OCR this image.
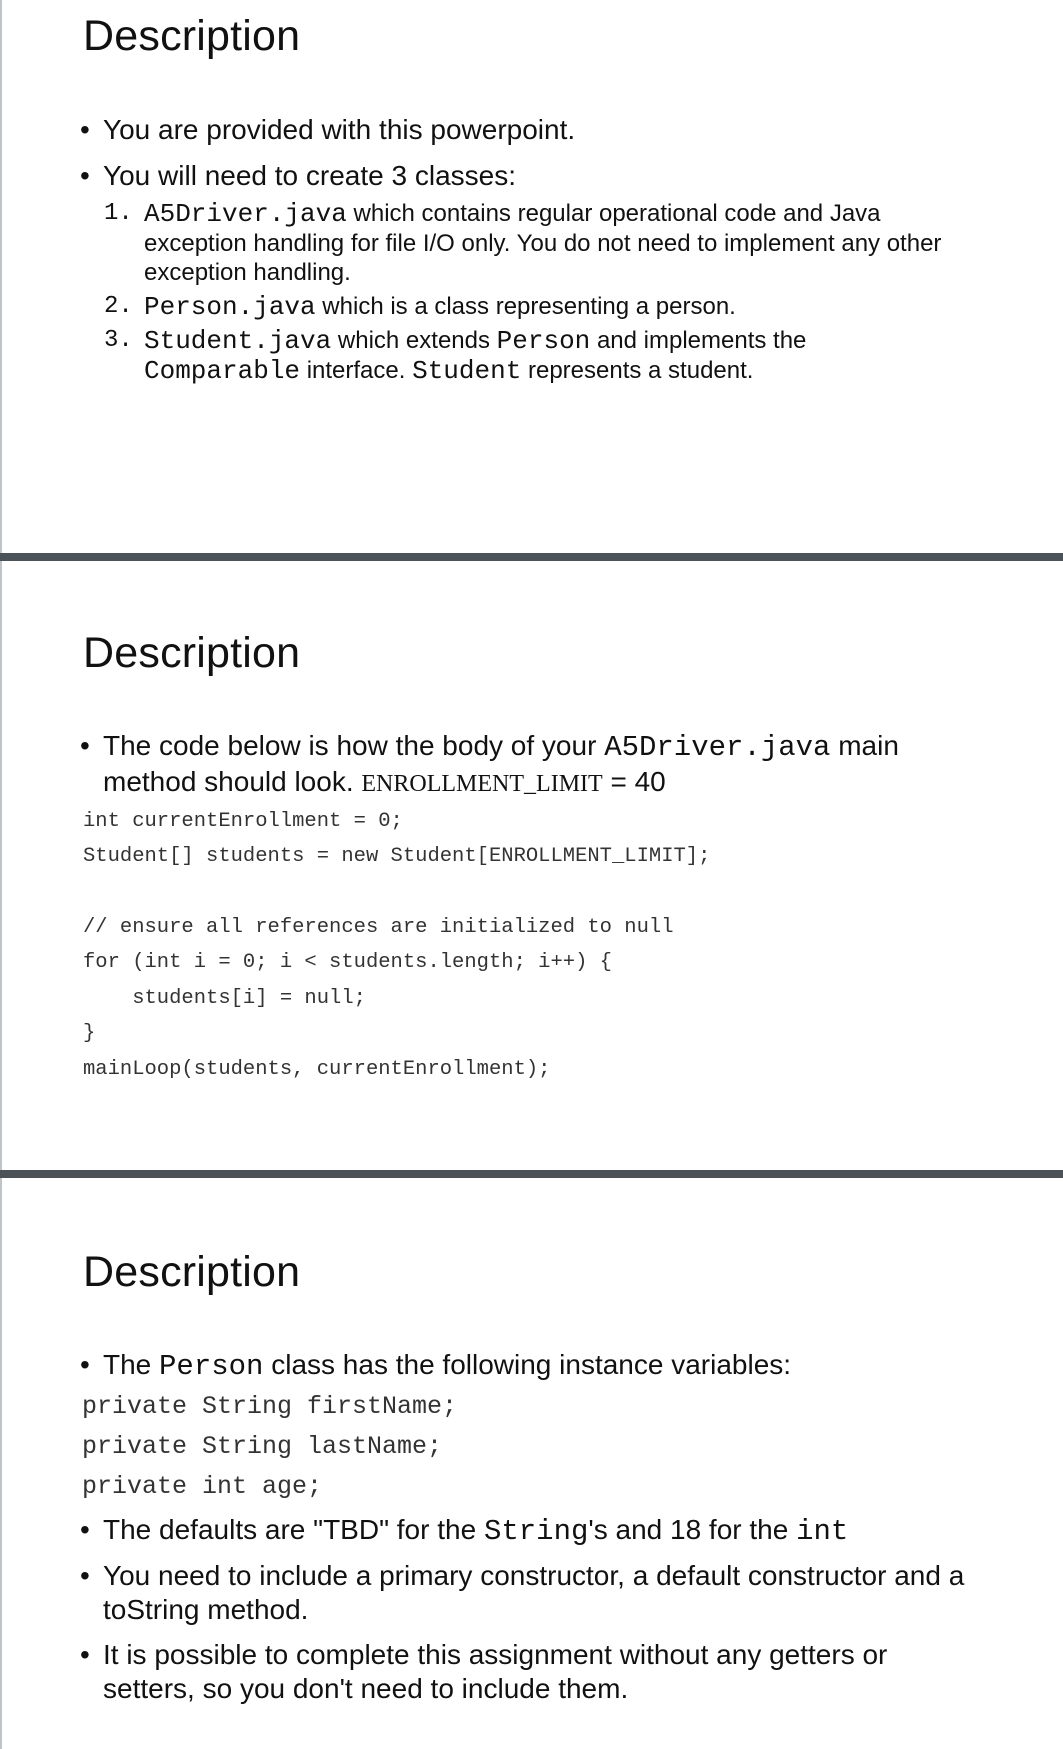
Description
• You are provided with this powerpoint.
• You will need to create 3 classes:
1. A5Driver.java which contains regular operational code and Java
exception handling for file I/O only. You do not need to implement any other
exception handling.
2. Person.java which is a class representing a person.
3. Student.java which extends Person and implements the
Comparable interface. Student represents a student.
Description
• The code below is how the body of your A5Driver.java main
method should look. ENROLLMENT_LIMIT = 40
int currentEnrollment = 0;
Student[] students = new Student[ENROLLMENT_LIMIT];
// ensure all references are initialized to null
for (int i = 0; i < students.length; i++) {
students[i] = null;
}
mainLoop(students, currentEnrollment);
Description
• The Person class has the following instance variables:
private String firstName;
private String lastName;
private int age;
• The defaults are "TBD" for the String's and 18 for the int
• You need to include a primary constructor, a default constructor and a
toString method.
• It is possible to complete this assignment without any getters or
setters, so you don't need to include them.
